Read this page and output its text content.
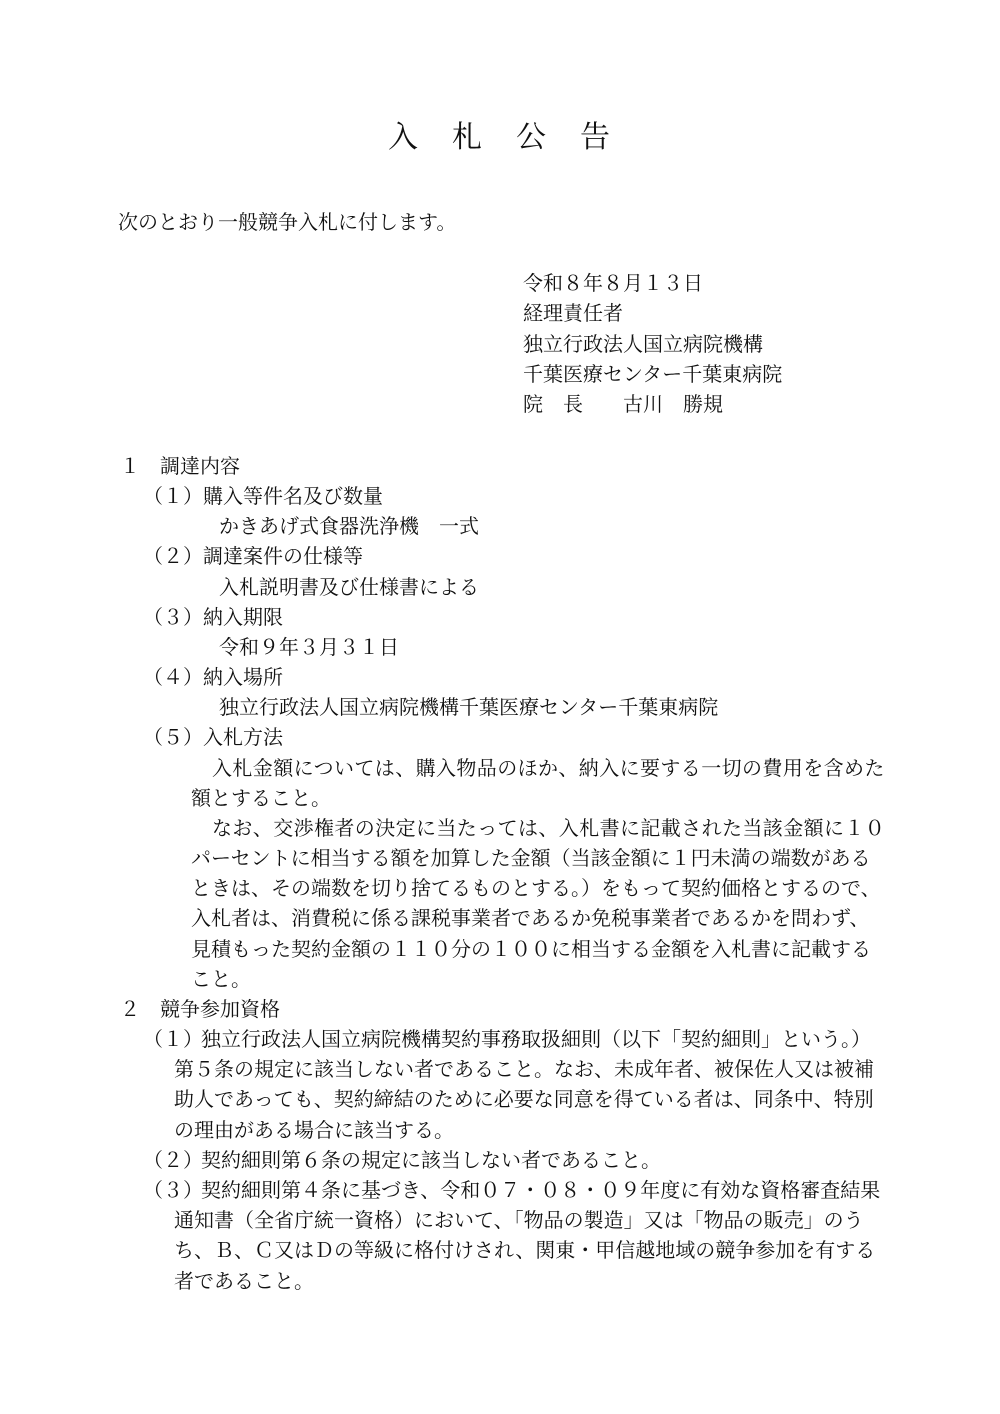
入　札　公　告
次のとおり一般競争入札に付します。
令和８年８月１３日
経理責任者
独立行政法人国立病院機構
千葉医療センター千葉東病院
院　長　　古川　勝規
１　調達内容
（１）購入等件名及び数量
かきあげ式食器洗浄機　一式
（２）調達案件の仕様等
入札説明書及び仕様書による
（３）納入期限
令和９年３月３１日
（４）納入場所
独立行政法人国立病院機構千葉医療センター千葉東病院
（５）入札方法
入札金額については、購入物品のほか、納入に要する一切の費用を含めた
額とすること。
なお、交渉権者の決定に当たっては、入札書に記載された当該金額に１０
パーセントに相当する額を加算した金額（当該金額に１円未満の端数がある
ときは、その端数を切り捨てるものとする。）をもって契約価格とするので、
入札者は、消費税に係る課税事業者であるか免税事業者であるかを問わず、
見積もった契約金額の１１０分の１００に相当する金額を入札書に記載する
こと。
２　競争参加資格
（１）
独立行政法人国立病院機構契約事務取扱細則（以下「契約細則」という。）
第５条の規定に該当しない者であること。なお、未成年者、被保佐人又は被補
助人であっても、契約締結のために必要な同意を得ている者は、同条中、特別
の理由がある場合に該当する。
（２）
契約細則第６条の規定に該当しない者であること。
（３）
契約細則第４条に基づき、令和０７・０８・０９年度に有効な資格審査結果
通知書（全省庁統一資格）において、「物品の製造」又は「物品の販売」のう
ち、Ｂ、Ｃ又はＤの等級に格付けされ、関東・甲信越地域の競争参加を有する
者であること。
